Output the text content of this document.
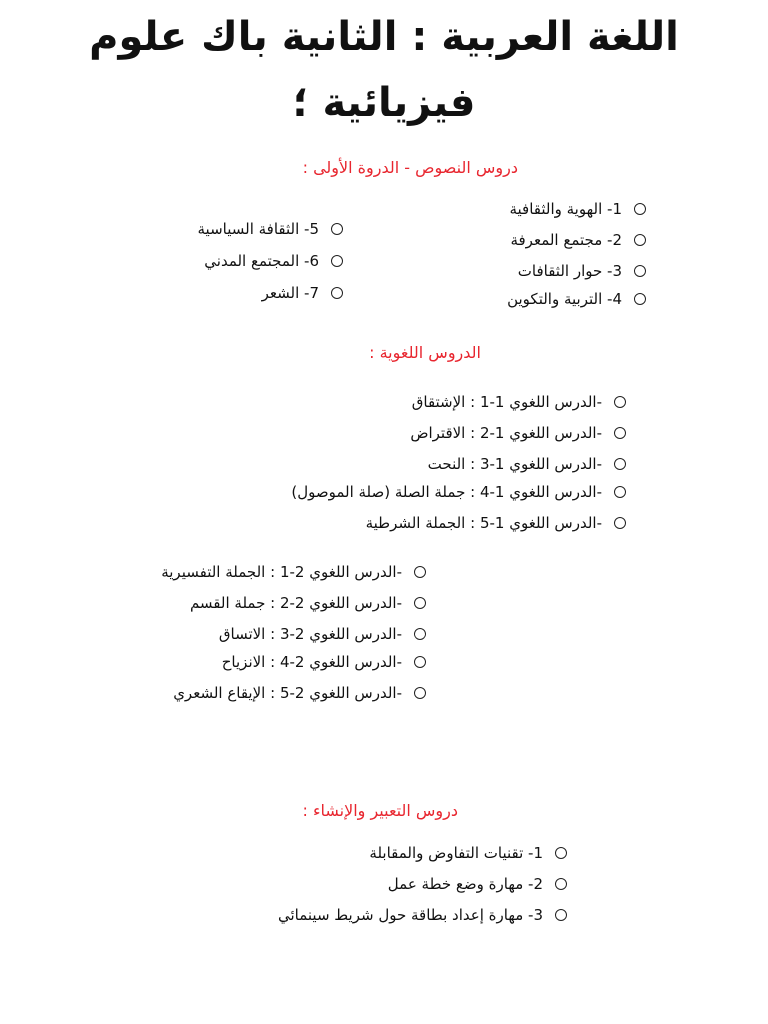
اللغة العربية : الثانية باك علوم
فيزيائية ؛
دروس النصوص - الدروة الأولى :
1- الهوية والثقافية
2- مجتمع المعرفة
3- حوار الثقافات
4- التربية والتكوين
5- الثقافة السياسية
6- المجتمع المدني
7- الشعر
الدروس اللغوية :
-الدرس اللغوي 1-1 : الإشتقاق
-الدرس اللغوي 1-2 : الاقتراض
-الدرس اللغوي 1-3 : النحت
-الدرس اللغوي 1-4 : جملة الصلة (صلة الموصول)
-الدرس اللغوي 1-5 : الجملة الشرطية
-الدرس اللغوي 2-1 : الجملة التفسيرية
-الدرس اللغوي 2-2 : جملة القسم
-الدرس اللغوي 2-3 : الاتساق
-الدرس اللغوي 2-4 : الانزياح
-الدرس اللغوي 2-5 : الإيقاع الشعري
دروس التعبير والإنشاء :
1- تقنيات التفاوض والمقابلة
2- مهارة وضع خطة عمل
3- مهارة إعداد بطاقة حول شريط سينمائي
